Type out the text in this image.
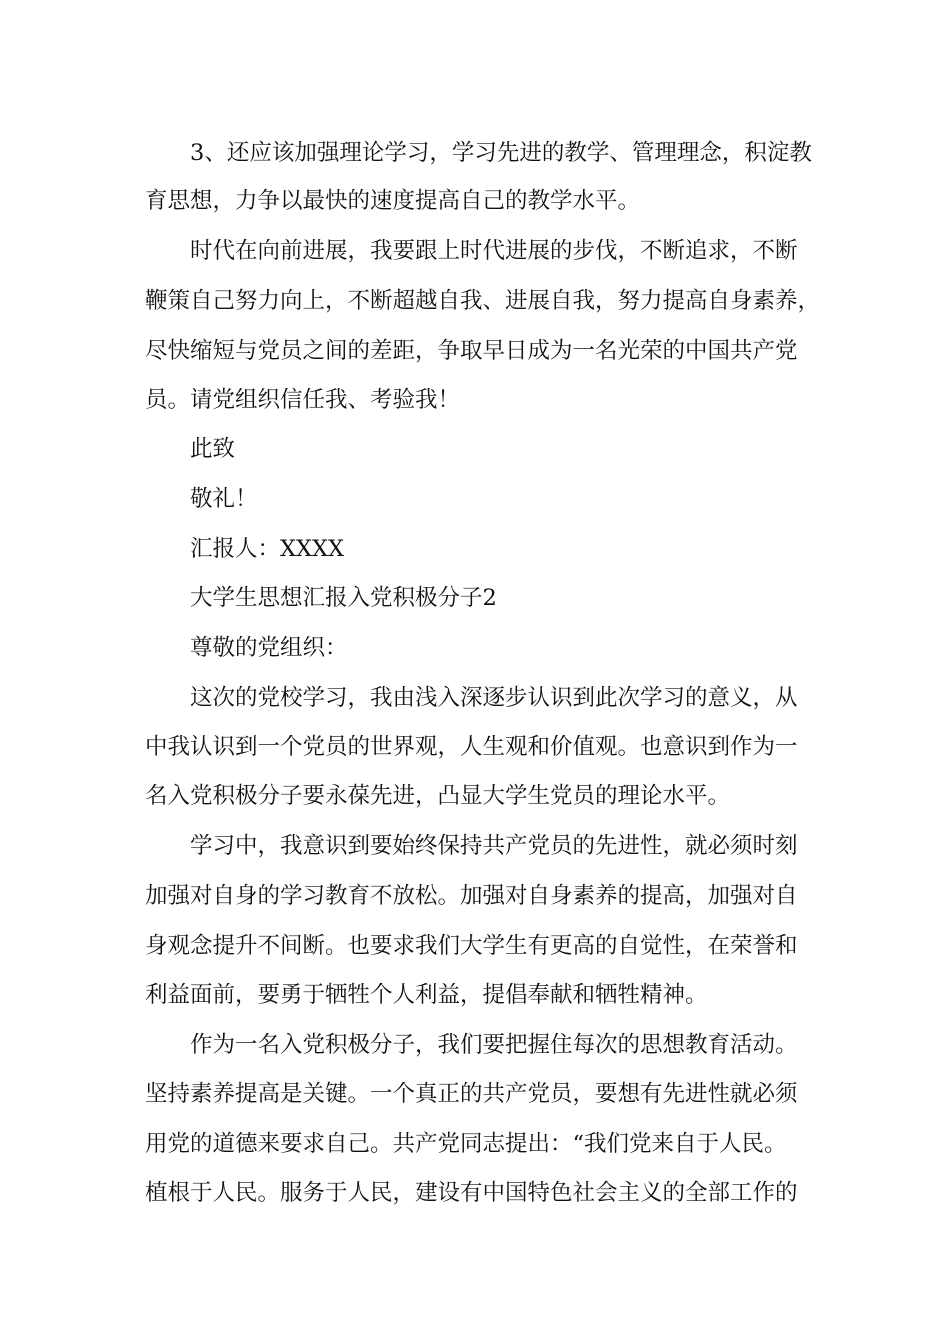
3、还应该加强理论学习，学习先进的教学、管理理念，积淀教
育思想，力争以最快的速度提高自己的教学水平。
时代在向前进展，我要跟上时代进展的步伐，不断追求，不断
鞭策自己努力向上，不断超越自我、进展自我，努力提高自身素养，
尽快缩短与党员之间的差距，争取早日成为一名光荣的中国共产党
员。请党组织信任我、考验我！
此致
敬礼！
汇报人：XXXX
大学生思想汇报入党积极分子2
尊敬的党组织：
这次的党校学习，我由浅入深逐步认识到此次学习的意义，从
中我认识到一个党员的世界观，人生观和价值观。也意识到作为一
名入党积极分子要永葆先进，凸显大学生党员的理论水平。
学习中，我意识到要始终保持共产党员的先进性，就必须时刻
加强对自身的学习教育不放松。加强对自身素养的提高，加强对自
身观念提升不间断。也要求我们大学生有更高的自觉性，在荣誉和
利益面前，要勇于牺牲个人利益，提倡奉献和牺牲精神。
作为一名入党积极分子，我们要把握住每次的思想教育活动。
坚持素养提高是关键。一个真正的共产党员，要想有先进性就必须
用党的道德来要求自己。共产党同志提出：“我们党来自于人民。
植根于人民。服务于人民，建设有中国特色社会主义的全部工作的
